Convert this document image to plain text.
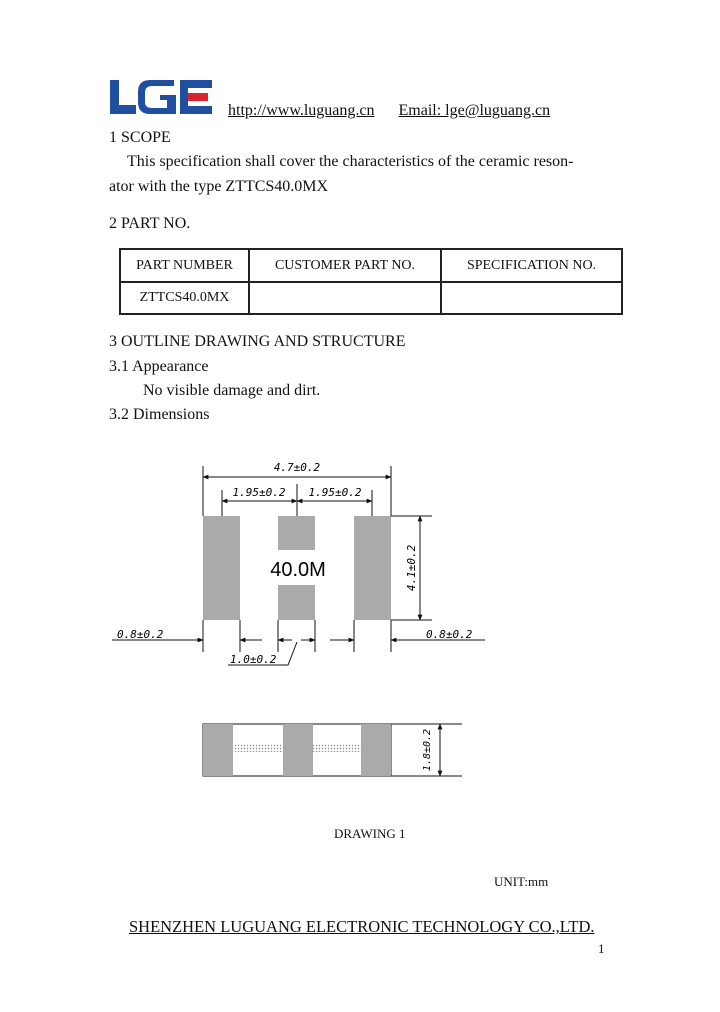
http://www.luguang.cn Email: lge@luguang.cn
1 SCOPE
This specification shall cover the characteristics of the ceramic reson-
ator with the type ZTTCS40.0MX
2 PART NO.
PART NUMBER	CUSTOMER PART NO.	SPECIFICATION NO.
ZTTCS40.0MX		
3 OUTLINE DRAWING AND STRUCTURE
3.1 Appearance
No visible damage and dirt.
3.2 Dimensions
4.7±0.2
1.95±0.2 1.95±0.2
40.0M	4.1±0.2
0.8±0.2	0.8±0.2
1.0±0.2
1.8±0.2
DRAWING 1
UNIT:mm
SHENZHEN LUGUANG ELECTRONIC TECHNOLOGY CO.,LTD.
1
